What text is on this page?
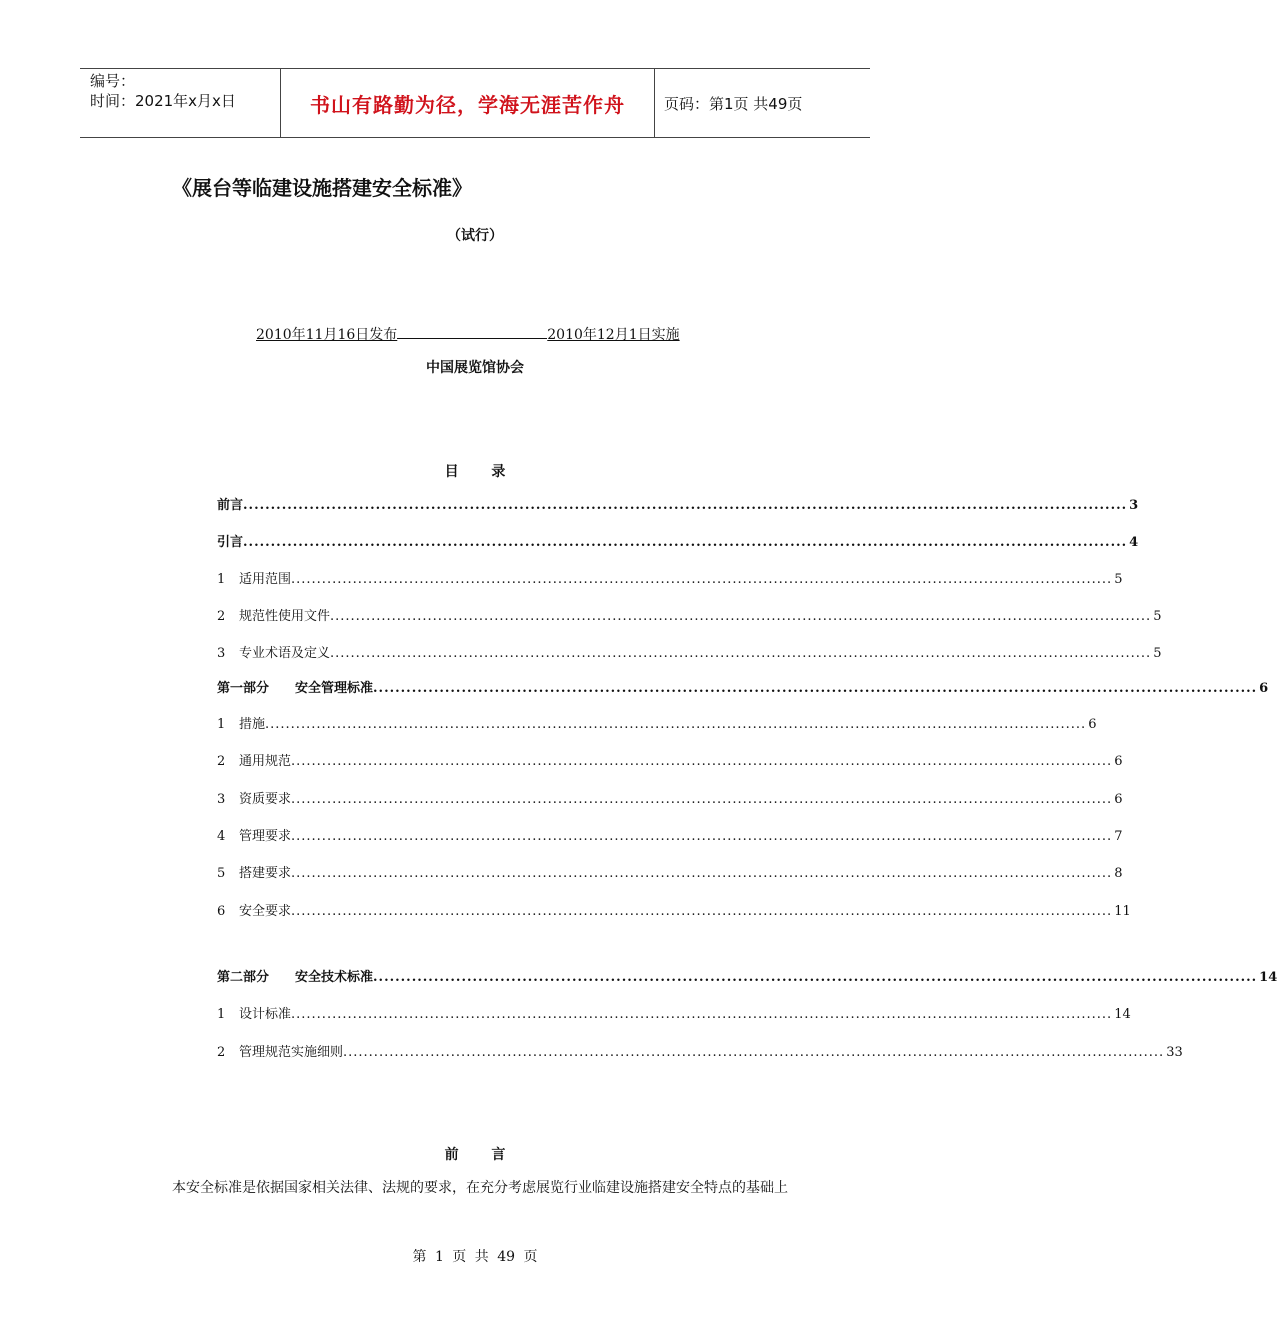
编号：
时间：2021年x月x日	书山有路勤为径，学海无涯苦作舟	页码：第1页 共49页
《展台等临建设施搭建安全标准》
（试行）
2010年11月16日发布	2010年12月1日实施
中国展览馆协会
目 录
前言 ................................................................................................................................................................ 3
引言 ................................................................................................................................................................ 4
1	适用范围 ................................................................................................................................................................ 5
2	规范性使用文件 ................................................................................................................................................................ 5
3	专业术语及定义 ................................................................................................................................................................ 5
第一部分 安全管理标准 ................................................................................................................................................................ 6
1	措施 ................................................................................................................................................................ 6
2	通用规范 ................................................................................................................................................................ 6
3	资质要求 ................................................................................................................................................................ 6
4	管理要求 ................................................................................................................................................................ 7
5	搭建要求 ................................................................................................................................................................ 8
6	安全要求 ................................................................................................................................................................ 11
第二部分 安全技术标准 ................................................................................................................................................................ 14
1	设计标准 ................................................................................................................................................................ 14
2	管理规范实施细则 ................................................................................................................................................................ 33
前 言
本安全标准是依据国家相关法律、法规的要求，在充分考虑展览行业临建设施搭建安全特点的基础上
第 1 页 共 49 页
